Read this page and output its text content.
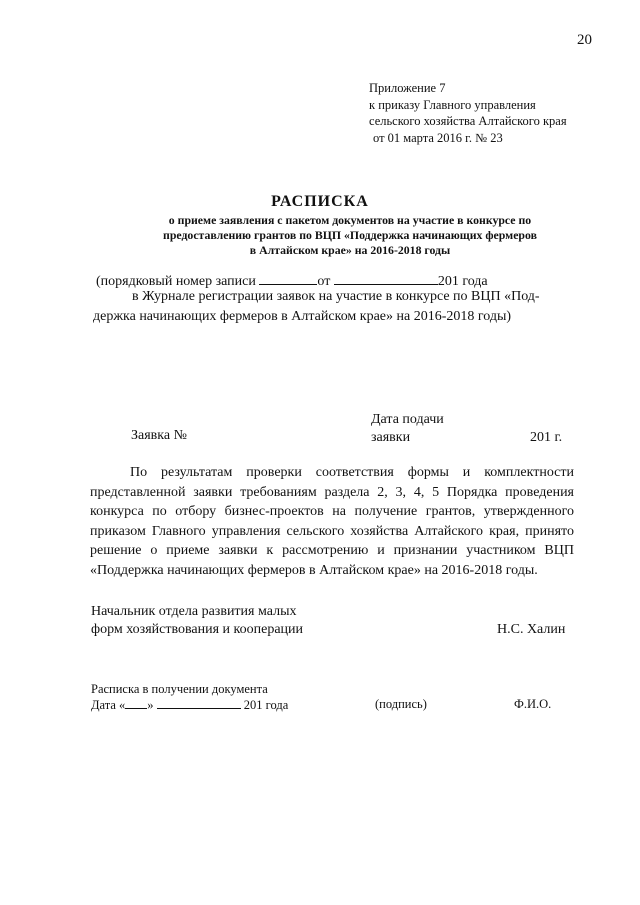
20
Приложение 7
к приказу Главного управления
сельского хозяйства Алтайского края
от 01 марта 2016 г. № 23
РАСПИСКА
о приеме заявления с пакетом документов на участие в конкурсе по
предоставлению грантов по ВЦП «Поддержка начинающих фермеров
в Алтайском крае» на 2016-2018 годы
(порядковый номер записи	от	201 года
в Журнале регистрации заявок на участие в конкурсе по ВЦП «Под-
держка начинающих фермеров в Алтайском крае» на 2016-2018 годы)
Заявка №
Дата подачи
заявки	201 г.
По результатам проверки соответствия формы и комплектности представленной заявки требованиям раздела 2, 3, 4, 5 Порядка проведения конкурса по отбору бизнес-проектов на получение грантов, утвержденного приказом Главного управления сельского хозяйства Алтайского края, принято решение о приеме заявки к рассмотрению и признании участником ВЦП «Поддержка начинающих фермеров в Алтайском крае» на 2016-2018 годы.
Начальник отдела развития малых
форм хозяйствования и кооперации	Н.С. Халин
Расписка в получении документа
Дата « »	201 года	(подпись)	Ф.И.О.
